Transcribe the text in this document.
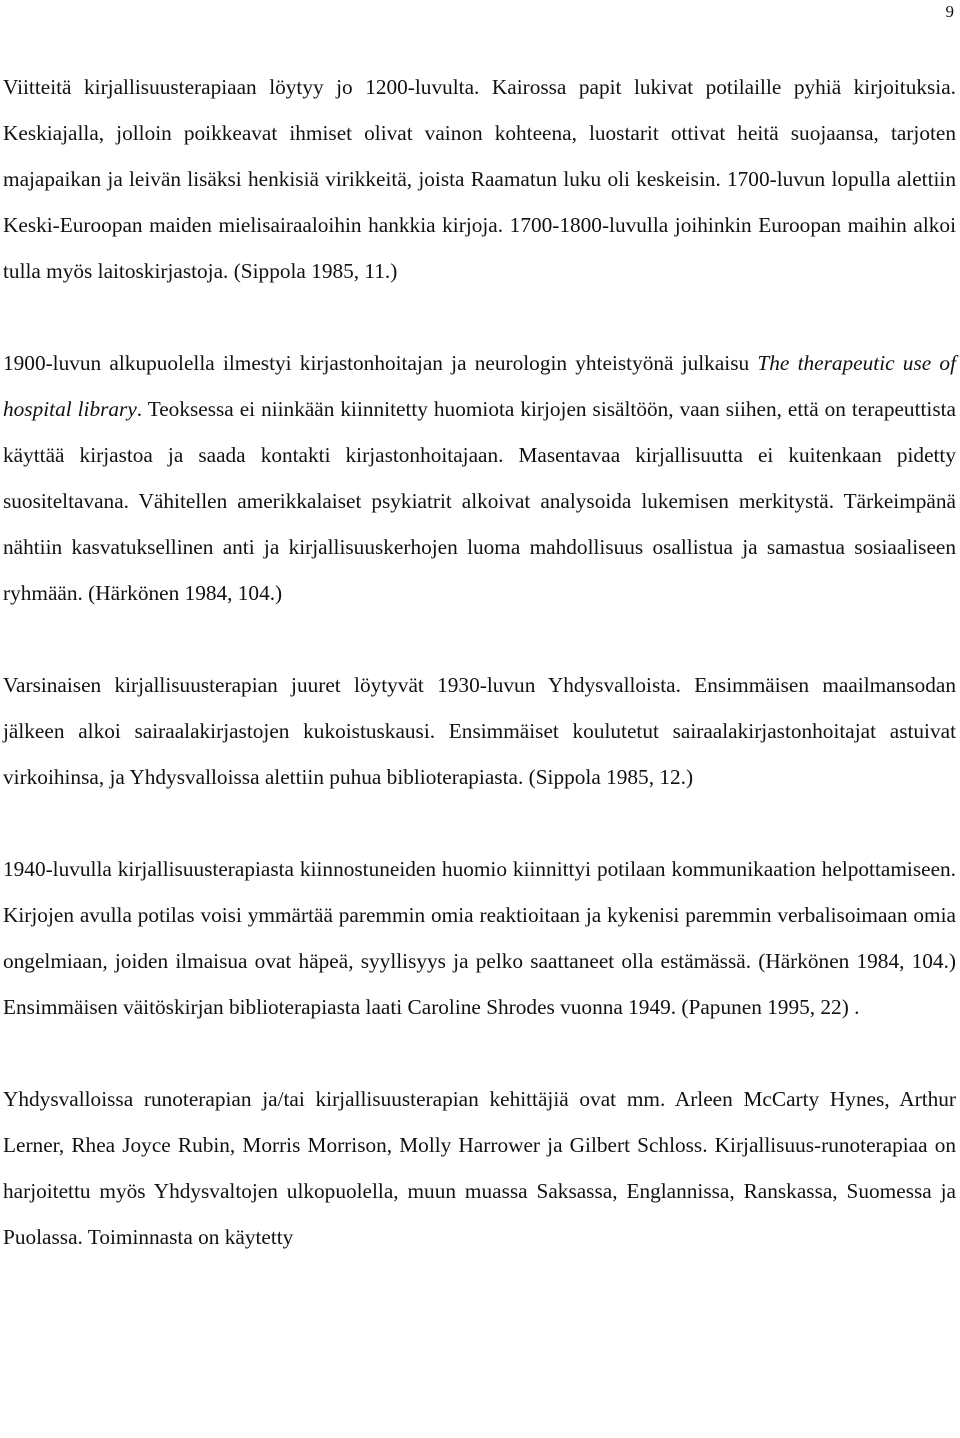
9

Viitteitä kirjallisuusterapiaan löytyy jo 1200-luvulta. Kairossa papit lukivat potilaille pyhiä kirjoituksia. Keskiajalla, jolloin poikkeavat ihmiset olivat vainon kohteena, luostarit ottivat heitä suojaansa, tarjoten majapaikan ja leivän lisäksi henkisiä virikkeitä, joista Raamatun luku oli keskeisin. 1700-luvun lopulla alettiin Keski-Euroopan maiden mielisairaaloihin hankkia kirjoja. 1700-1800-luvulla joihinkin Euroopan maihin alkoi tulla myös laitoskirjastoja. (Sippola 1985, 11.)

1900-luvun alkupuolella ilmestyi kirjastonhoitajan ja neurologin yhteistyönä julkaisu The therapeutic use of hospital library. Teoksessa ei niinkään kiinnitetty huomiota kirjojen sisältöön, vaan siihen, että on terapeuttista käyttää kirjastoa ja saada kontakti kirjastonhoitajaan. Masentavaa kirjallisuutta ei kuitenkaan pidetty suositeltavana. Vähitellen amerikkalaiset psykiatrit alkoivat analysoida lukemisen merkitystä. Tärkeimpänä nähtiin kasvatuksellinen anti ja kirjallisuuskerhojen luoma mahdollisuus osallistua ja samastua sosiaaliseen ryhmään. (Härkönen 1984, 104.)

Varsinaisen kirjallisuusterapian juuret löytyvät 1930-luvun Yhdysvalloista. Ensimmäisen maailmansodan jälkeen alkoi sairaalakirjastojen kukoistuskausi. Ensimmäiset koulutetut sairaalakirjastonhoitajat astuivat virkoihinsa, ja Yhdysvalloissa alettiin puhua biblioterapiasta. (Sippola 1985, 12.)

1940-luvulla kirjallisuusterapiasta kiinnostuneiden huomio kiinnittyi potilaan kommunikaation helpottamiseen. Kirjojen avulla potilas voisi ymmärtää paremmin omia reaktioitaan ja kykenisi paremmin verbalisoimaan omia ongelmiaan, joiden ilmaisua ovat häpeä, syyllisyys ja pelko saattaneet olla estämässä. (Härkönen 1984, 104.) Ensimmäisen väitöskirjan biblioterapiasta laati Caroline Shrodes vuonna 1949. (Papunen 1995, 22) .

Yhdysvalloissa runoterapian ja/tai kirjallisuusterapian kehittäjiä ovat mm. Arleen McCarty Hynes, Arthur Lerner, Rhea Joyce Rubin, Morris Morrison, Molly Harrower ja Gilbert Schloss. Kirjallisuus-runoterapiaa on harjoitettu myös Yhdysvaltojen ulkopuolella, muun muassa Saksassa, Englannissa, Ranskassa, Suomessa ja Puolassa. Toiminnasta on käytetty
